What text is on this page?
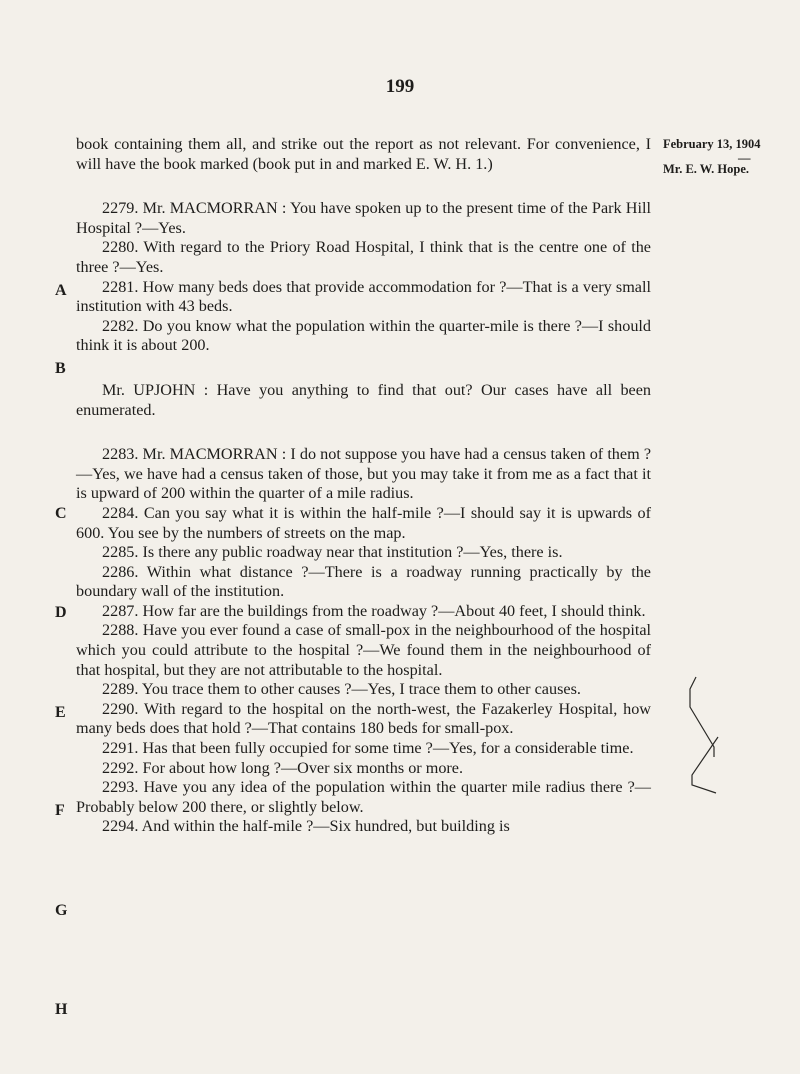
199
February 13, 1904
—
Mr. E. W. Hope.
A
B
C
D
E
F
G
H

book containing them all, and strike out the report as not relevant. For convenience, I will have the book marked (book put in and marked E. W. H. 1.)

2279. Mr. MACMORRAN : You have spoken up to the present time of the Park Hill Hospital ?—Yes.

2280. With regard to the Priory Road Hospital, I think that is the centre one of the three ?—Yes.

2281. How many beds does that provide accommodation for ?—That is a very small institution with 43 beds.

2282. Do you know what the population within the quarter-mile is there ?—I should think it is about 200.

Mr. UPJOHN : Have you anything to find that out? Our cases have all been enumerated.

2283. Mr. MACMORRAN : I do not suppose you have had a census taken of them ?—Yes, we have had a census taken of those, but you may take it from me as a fact that it is upward of 200 within the quarter of a mile radius.

2284. Can you say what it is within the half-mile ?—I should say it is upwards of 600. You see by the numbers of streets on the map.

2285. Is there any public roadway near that institution ?—Yes, there is.

2286. Within what distance ?—There is a roadway running practically by the boundary wall of the institution.

2287. How far are the buildings from the roadway ?—About 40 feet, I should think.

2288. Have you ever found a case of small-pox in the neighbourhood of the hospital which you could attribute to the hospital ?—We found them in the neighbourhood of that hospital, but they are not attributable to the hospital.

2289. You trace them to other causes ?—Yes, I trace them to other causes.

2290. With regard to the hospital on the north-west, the Fazakerley Hospital, how many beds does that hold ?—That contains 180 beds for small-pox.

2291. Has that been fully occupied for some time ?—Yes, for a considerable time.

2292. For about how long ?—Over six months or more.

2293. Have you any idea of the population within the quarter mile radius there ?—Probably below 200 there, or slightly below.

2294. And within the half-mile ?—Six hundred, but building is
